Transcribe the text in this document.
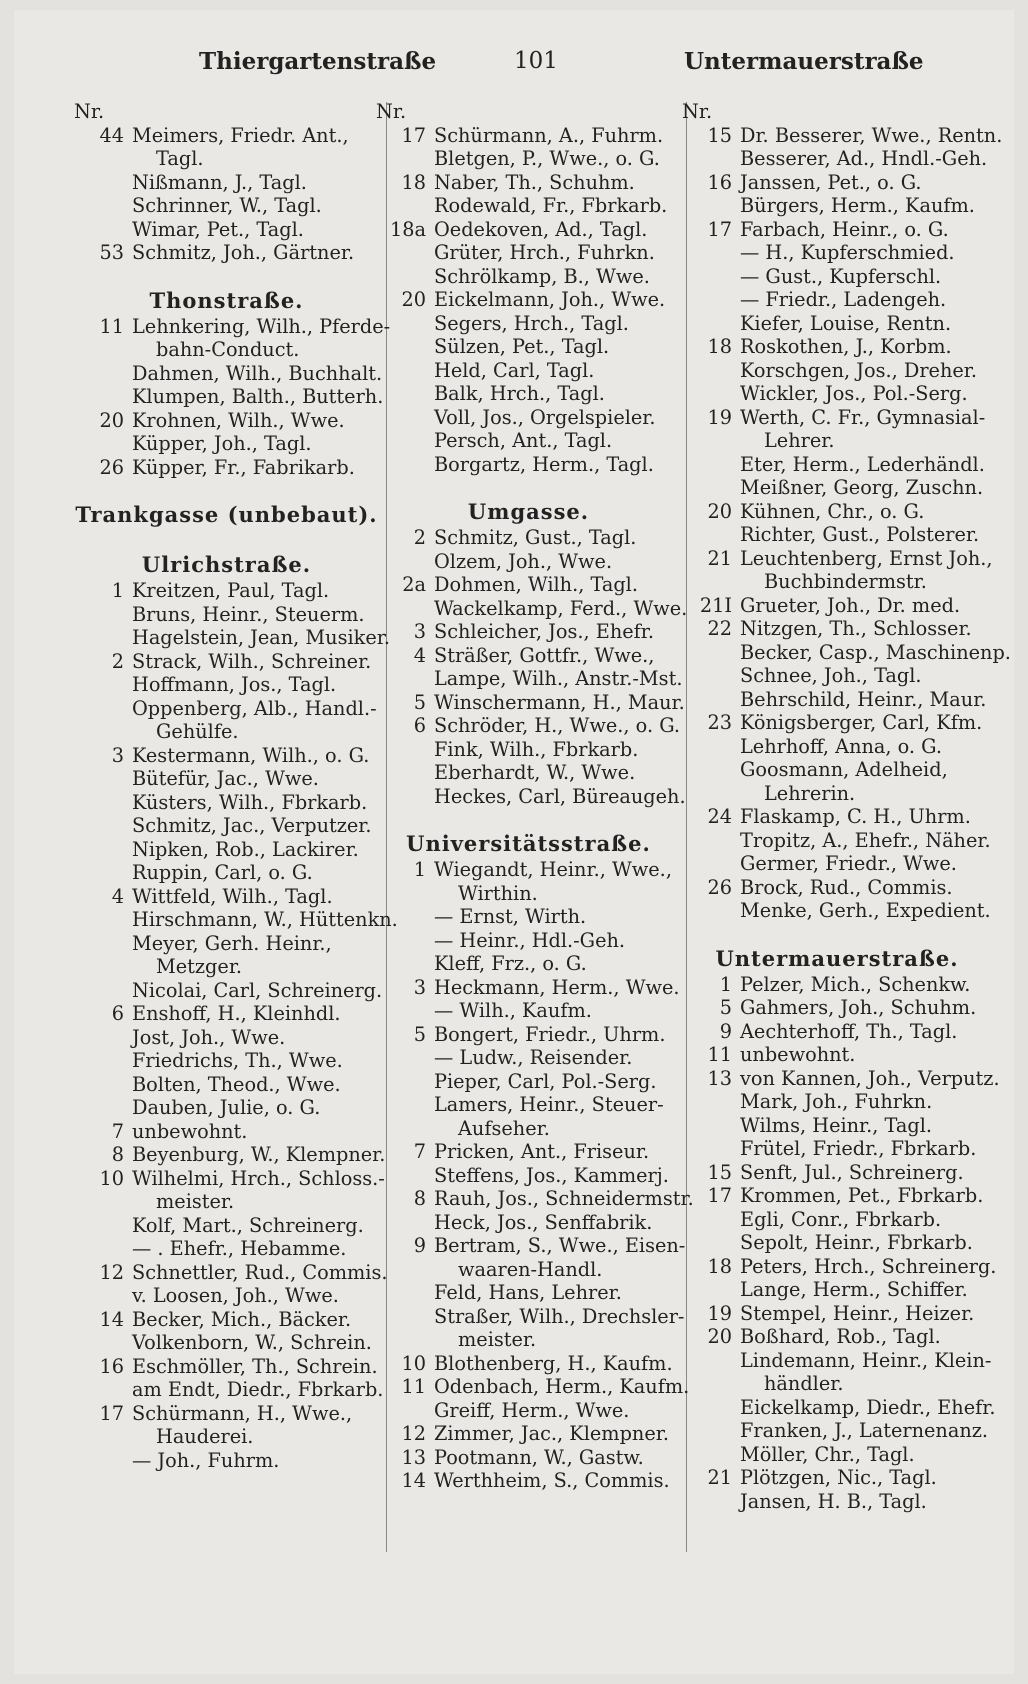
Thiergartenstraße	101	Untermauerstraße
Nr.
44 Meimers, Friedr. Ant.,
Tagl.
Nißmann, J., Tagl.
Schrinner, W., Tagl.
Wimar, Pet., Tagl.
53 Schmitz, Joh., Gärtner.
Thonstraße.
11 Lehnkering, Wilh., Pferde-
bahn-Conduct.
Dahmen, Wilh., Buchhalt.
Klumpen, Balth., Butterh.
20 Krohnen, Wilh., Wwe.
Küpper, Joh., Tagl.
26 Küpper, Fr., Fabrikarb.
Trankgasse (unbebaut).
Ulrichstraße.
1 Kreitzen, Paul, Tagl.
Bruns, Heinr., Steuerm.
Hagelstein, Jean, Musiker.
2 Strack, Wilh., Schreiner.
Hoffmann, Jos., Tagl.
Oppenberg, Alb., Handl.-
Gehülfe.
3 Kestermann, Wilh., o. G.
Bütefür, Jac., Wwe.
Küsters, Wilh., Fbrkarb.
Schmitz, Jac., Verputzer.
Nipken, Rob., Lackirer.
Ruppin, Carl, o. G.
4 Wittfeld, Wilh., Tagl.
Hirschmann, W., Hüttenkn.
Meyer, Gerh. Heinr.,
Metzger.
Nicolai, Carl, Schreinerg.
6 Enshoff, H., Kleinhdl.
Jost, Joh., Wwe.
Friedrichs, Th., Wwe.
Bolten, Theod., Wwe.
Dauben, Julie, o. G.
7 unbewohnt.
8 Beyenburg, W., Klempner.
10 Wilhelmi, Hrch., Schloss.-
meister.
Kolf, Mart., Schreinerg.
— . Ehefr., Hebamme.
12 Schnettler, Rud., Commis.
v. Loosen, Joh., Wwe.
14 Becker, Mich., Bäcker.
Volkenborn, W., Schrein.
16 Eschmöller, Th., Schrein.
am Endt, Diedr., Fbrkarb.
17 Schürmann, H., Wwe.,
Hauderei.
— Joh., Fuhrm.
Nr.
17 Schürmann, A., Fuhrm.
Bletgen, P., Wwe., o. G.
18 Naber, Th., Schuhm.
Rodewald, Fr., Fbrkarb.
18a Oedekoven, Ad., Tagl.
Grüter, Hrch., Fuhrkn.
Schrölkamp, B., Wwe.
20 Eickelmann, Joh., Wwe.
Segers, Hrch., Tagl.
Sülzen, Pet., Tagl.
Held, Carl, Tagl.
Balk, Hrch., Tagl.
Voll, Jos., Orgelspieler.
Persch, Ant., Tagl.
Borgartz, Herm., Tagl.
Umgasse.
2 Schmitz, Gust., Tagl.
Olzem, Joh., Wwe.
2a Dohmen, Wilh., Tagl.
Wackelkamp, Ferd., Wwe.
3 Schleicher, Jos., Ehefr.
4 Sträßer, Gottfr., Wwe.,
Lampe, Wilh., Anstr.-Mst.
5 Winschermann, H., Maur.
6 Schröder, H., Wwe., o. G.
Fink, Wilh., Fbrkarb.
Eberhardt, W., Wwe.
Heckes, Carl, Büreaugeh.
Universitätsstraße.
1 Wiegandt, Heinr., Wwe.,
Wirthin.
— Ernst, Wirth.
— Heinr., Hdl.-Geh.
Kleff, Frz., o. G.
3 Heckmann, Herm., Wwe.
— Wilh., Kaufm.
5 Bongert, Friedr., Uhrm.
— Ludw., Reisender.
Pieper, Carl, Pol.-Serg.
Lamers, Heinr., Steuer-
Aufseher.
7 Pricken, Ant., Friseur.
Steffens, Jos., Kammerj.
8 Rauh, Jos., Schneidermstr.
Heck, Jos., Senffabrik.
9 Bertram, S., Wwe., Eisen-
waaren-Handl.
Feld, Hans, Lehrer.
Straßer, Wilh., Drechsler-
meister.
10 Blothenberg, H., Kaufm.
11 Odenbach, Herm., Kaufm.
Greiff, Herm., Wwe.
12 Zimmer, Jac., Klempner.
13 Pootmann, W., Gastw.
14 Werthheim, S., Commis.
Nr.
15 Dr. Besserer, Wwe., Rentn.
Besserer, Ad., Hndl.-Geh.
16 Janssen, Pet., o. G.
Bürgers, Herm., Kaufm.
17 Farbach, Heinr., o. G.
— H., Kupferschmied.
— Gust., Kupferschl.
— Friedr., Ladengeh.
Kiefer, Louise, Rentn.
18 Roskothen, J., Korbm.
Korschgen, Jos., Dreher.
Wickler, Jos., Pol.-Serg.
19 Werth, C. Fr., Gymnasial-
Lehrer.
Eter, Herm., Lederhändl.
Meißner, Georg, Zuschn.
20 Kühnen, Chr., o. G.
Richter, Gust., Polsterer.
21 Leuchtenberg, Ernst Joh.,
Buchbindermstr.
21I Grueter, Joh., Dr. med.
22 Nitzgen, Th., Schlosser.
Becker, Casp., Maschinenp.
Schnee, Joh., Tagl.
Behrschild, Heinr., Maur.
23 Königsberger, Carl, Kfm.
Lehrhoff, Anna, o. G.
Goosmann, Adelheid,
Lehrerin.
24 Flaskamp, C. H., Uhrm.
Tropitz, A., Ehefr., Näher.
Germer, Friedr., Wwe.
26 Brock, Rud., Commis.
Menke, Gerh., Expedient.
Untermauerstraße.
1 Pelzer, Mich., Schenkw.
5 Gahmers, Joh., Schuhm.
9 Aechterhoff, Th., Tagl.
11 unbewohnt.
13 von Kannen, Joh., Verputz.
Mark, Joh., Fuhrkn.
Wilms, Heinr., Tagl.
Frütel, Friedr., Fbrkarb.
15 Senft, Jul., Schreinerg.
17 Krommen, Pet., Fbrkarb.
Egli, Conr., Fbrkarb.
Sepolt, Heinr., Fbrkarb.
18 Peters, Hrch., Schreinerg.
Lange, Herm., Schiffer.
19 Stempel, Heinr., Heizer.
20 Boßhard, Rob., Tagl.
Lindemann, Heinr., Klein-
händler.
Eickelkamp, Diedr., Ehefr.
Franken, J., Laternenanz.
Möller, Chr., Tagl.
21 Plötzgen, Nic., Tagl.
Jansen, H. B., Tagl.
